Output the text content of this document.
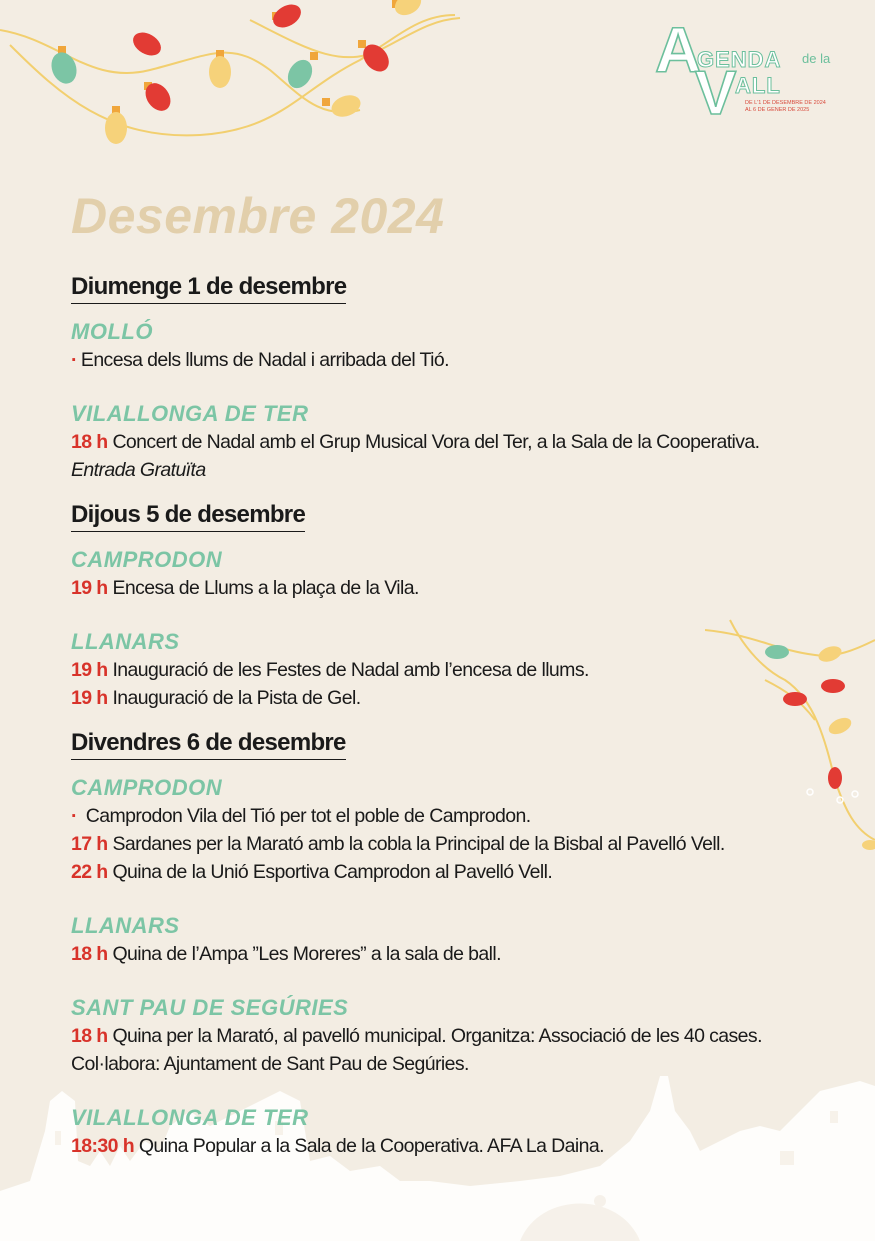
A
GENDA de la
V
ALL
DE L'1 DE DESEMBRE DE 2024
AL 6 DE GENER DE 2025
Desembre 2024
Diumenge 1 de desembre
MOLLÓ

· Encesa dels llums de Nadal i arribada del Tió.

VILALLONGA DE TER

18 h Concert de Nadal amb el Grup Musical Vora del Ter, a la Sala de la Cooperativa.

Entrada Gratuïta

Dijous 5 de desembre
CAMPRODON

19 h Encesa de Llums a la plaça de la Vila.

LLANARS

19 h Inauguració de les Festes de Nadal amb l’encesa de llums.

19 h Inauguració de la Pista de Gel.

Divendres 6 de desembre
CAMPRODON

· Camprodon Vila del Tió per tot el poble de Camprodon.

17 h Sardanes per la Marató amb la cobla la Principal de la Bisbal al Pavelló Vell.

22 h Quina de la Unió Esportiva Camprodon al Pavelló Vell.

LLANARS

18 h Quina de l’Ampa ”Les Moreres” a la sala de ball.

SANT PAU DE SEGÚRIES

18 h Quina per la Marató, al pavelló municipal. Organitza: Associació de les 40 cases.

Col·labora: Ajuntament de Sant Pau de Segúries.

VILALLONGA DE TER

18:30 h Quina Popular a la Sala de la Cooperativa. AFA La Daina.
